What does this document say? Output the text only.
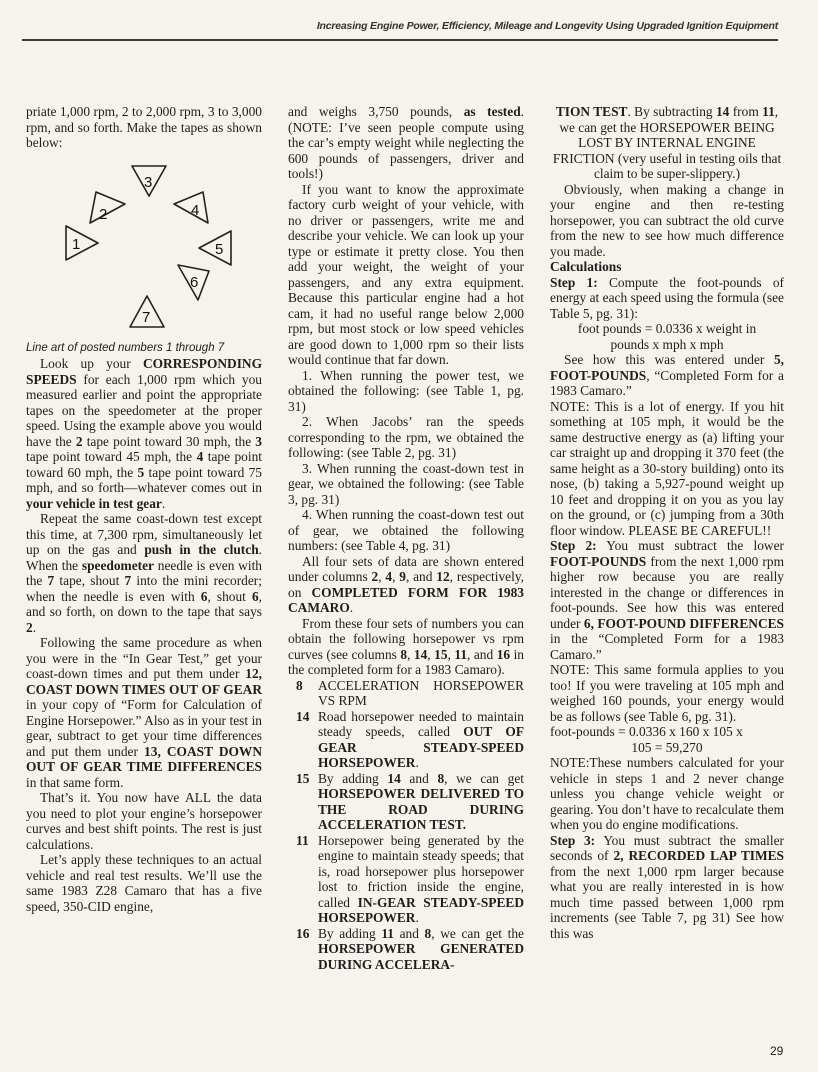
Increasing Engine Power, Efficiency, Mileage and Longevity Using Upgraded Ignition Equipment

priate 1,000 rpm, 2 to 2,000 rpm, 3 to 3,000 rpm, and so forth. Make the tapes as shown below:

3
2	4
1	5
6
7

Line art of posted numbers 1 through 7

Look up your CORRESPONDING SPEEDS for each 1,000 rpm which you measured earlier and point the appropriate tapes on the speedometer at the proper speed. Using the example above you would have the 2 tape point toward 30 mph, the 3 tape point toward 45 mph, the 4 tape point toward 60 mph, the 5 tape point toward 75 mph, and so forth—whatever comes out in your vehicle in test gear.

Repeat the same coast-down test except this time, at 7,300 rpm, simultaneously let up on the gas and push in the clutch. When the speedometer needle is even with the 7 tape, shout 7 into the mini recorder; when the needle is even with 6, shout 6, and so forth, on down to the tape that says 2.

Following the same procedure as when you were in the “In Gear Test,” get your coast-down times and put them under 12, COAST DOWN TIMES OUT OF GEAR in your copy of “Form for Calculation of Engine Horsepower.” Also as in your test in gear, subtract to get your time differences and put them under 13, COAST DOWN OUT OF GEAR TIME DIFFERENCES in that same form.

That’s it. You now have ALL the data you need to plot your engine’s horsepower curves and best shift points. The rest is just calculations.

Let’s apply these techniques to an actual vehicle and real test results. We’ll use the same 1983 Z28 Camaro that has a five speed, 350-CID engine,

and weighs 3,750 pounds, as tested. (NOTE: I’ve seen people compute using the car’s empty weight while neglecting the 600 pounds of passengers, driver and tools!)

If you want to know the approximate factory curb weight of your vehicle, with no driver or passengers, write me and describe your vehicle. We can look up your type or estimate it pretty close. You then add your weight, the weight of your passengers, and any extra equipment. Because this particular engine had a hot cam, it had no useful range below 2,000 rpm, but most stock or low speed vehicles are good down to 1,000 rpm so their lists would continue that far down.

1. When running the power test, we obtained the following: (see Table 1, pg. 31)

2. When Jacobs’ ran the speeds corresponding to the rpm, we obtained the following: (see Table 2, pg. 31)

3. When running the coast-down test in gear, we obtained the following: (see Table 3, pg. 31)

4. When running the coast-down test out of gear, we obtained the following numbers: (see Table 4, pg. 31)

All four sets of data are shown entered under columns 2, 4, 9, and 12, respectively, on COMPLETED FORM FOR 1983 CAMARO.

From these four sets of numbers you can obtain the following horsepower vs rpm curves (see columns 8, 14, 15, 11, and 16 in the completed form for a 1983 Camaro).

8	ACCELERATION HORSEPOWER VS RPM
14 Road horsepower needed to maintain steady speeds, called OUT OF GEAR STEADY-SPEED HORSEPOWER.
15 By adding 14 and 8, we can get HORSEPOWER DELIVERED TO THE ROAD DURING ACCELERATION TEST.
11 Horsepower being generated by the engine to maintain steady speeds; that is, road horsepower plus horsepower lost to friction inside the engine, called IN-GEAR STEADY-SPEED HORSEPOWER.
16 By adding 11 and 8, we can get the HORSEPOWER GENERATED DURING ACCELERA-

TION TEST. By subtracting 14 from 11, we can get the HORSEPOWER BEING LOST BY INTERNAL ENGINE FRICTION (very useful in testing oils that claim to be super-slippery.)

Obviously, when making a change in your engine and then re-testing horsepower, you can subtract the old curve from the new to see how much difference you made.

Calculations

Step 1: Compute the foot-pounds of energy at each speed using the formula (see Table 5, pg. 31):

foot pounds = 0.0336 x weight in

pounds x mph x mph

See how this was entered under 5, FOOT-POUNDS, “Completed Form for a 1983 Camaro.”

NOTE: This is a lot of energy. If you hit something at 105 mph, it would be the same destructive energy as (a) lifting your car straight up and dropping it 370 feet (the same height as a 30-story building) onto its nose, (b) taking a 5,927-pound weight up 10 feet and dropping it on you as you lay on the ground, or (c) jumping from a 30th floor window. PLEASE BE CAREFUL!!

Step 2: You must subtract the lower FOOT-POUNDS from the next 1,000 rpm higher row because you are really interested in the change or differences in foot-pounds. See how this was entered under 6, FOOT-POUND DIFFERENCES in the “Completed Form for a 1983 Camaro.”

NOTE: This same formula applies to you too! If you were traveling at 105 mph and weighed 160 pounds, your energy would be as follows (see Table 6, pg. 31).

foot-pounds = 0.0336 x 160 x 105 x

105 = 59,270

NOTE:These numbers calculated for your vehicle in steps 1 and 2 never change unless you change vehicle weight or gearing. You don’t have to recalculate them when you do engine modifications.

Step 3: You must subtract the smaller seconds of 2, RECORDED LAP TIMES from the next 1,000 rpm larger because what you are really interested in is how much time passed between 1,000 rpm increments (see Table 7, pg 31) See how this was

29
